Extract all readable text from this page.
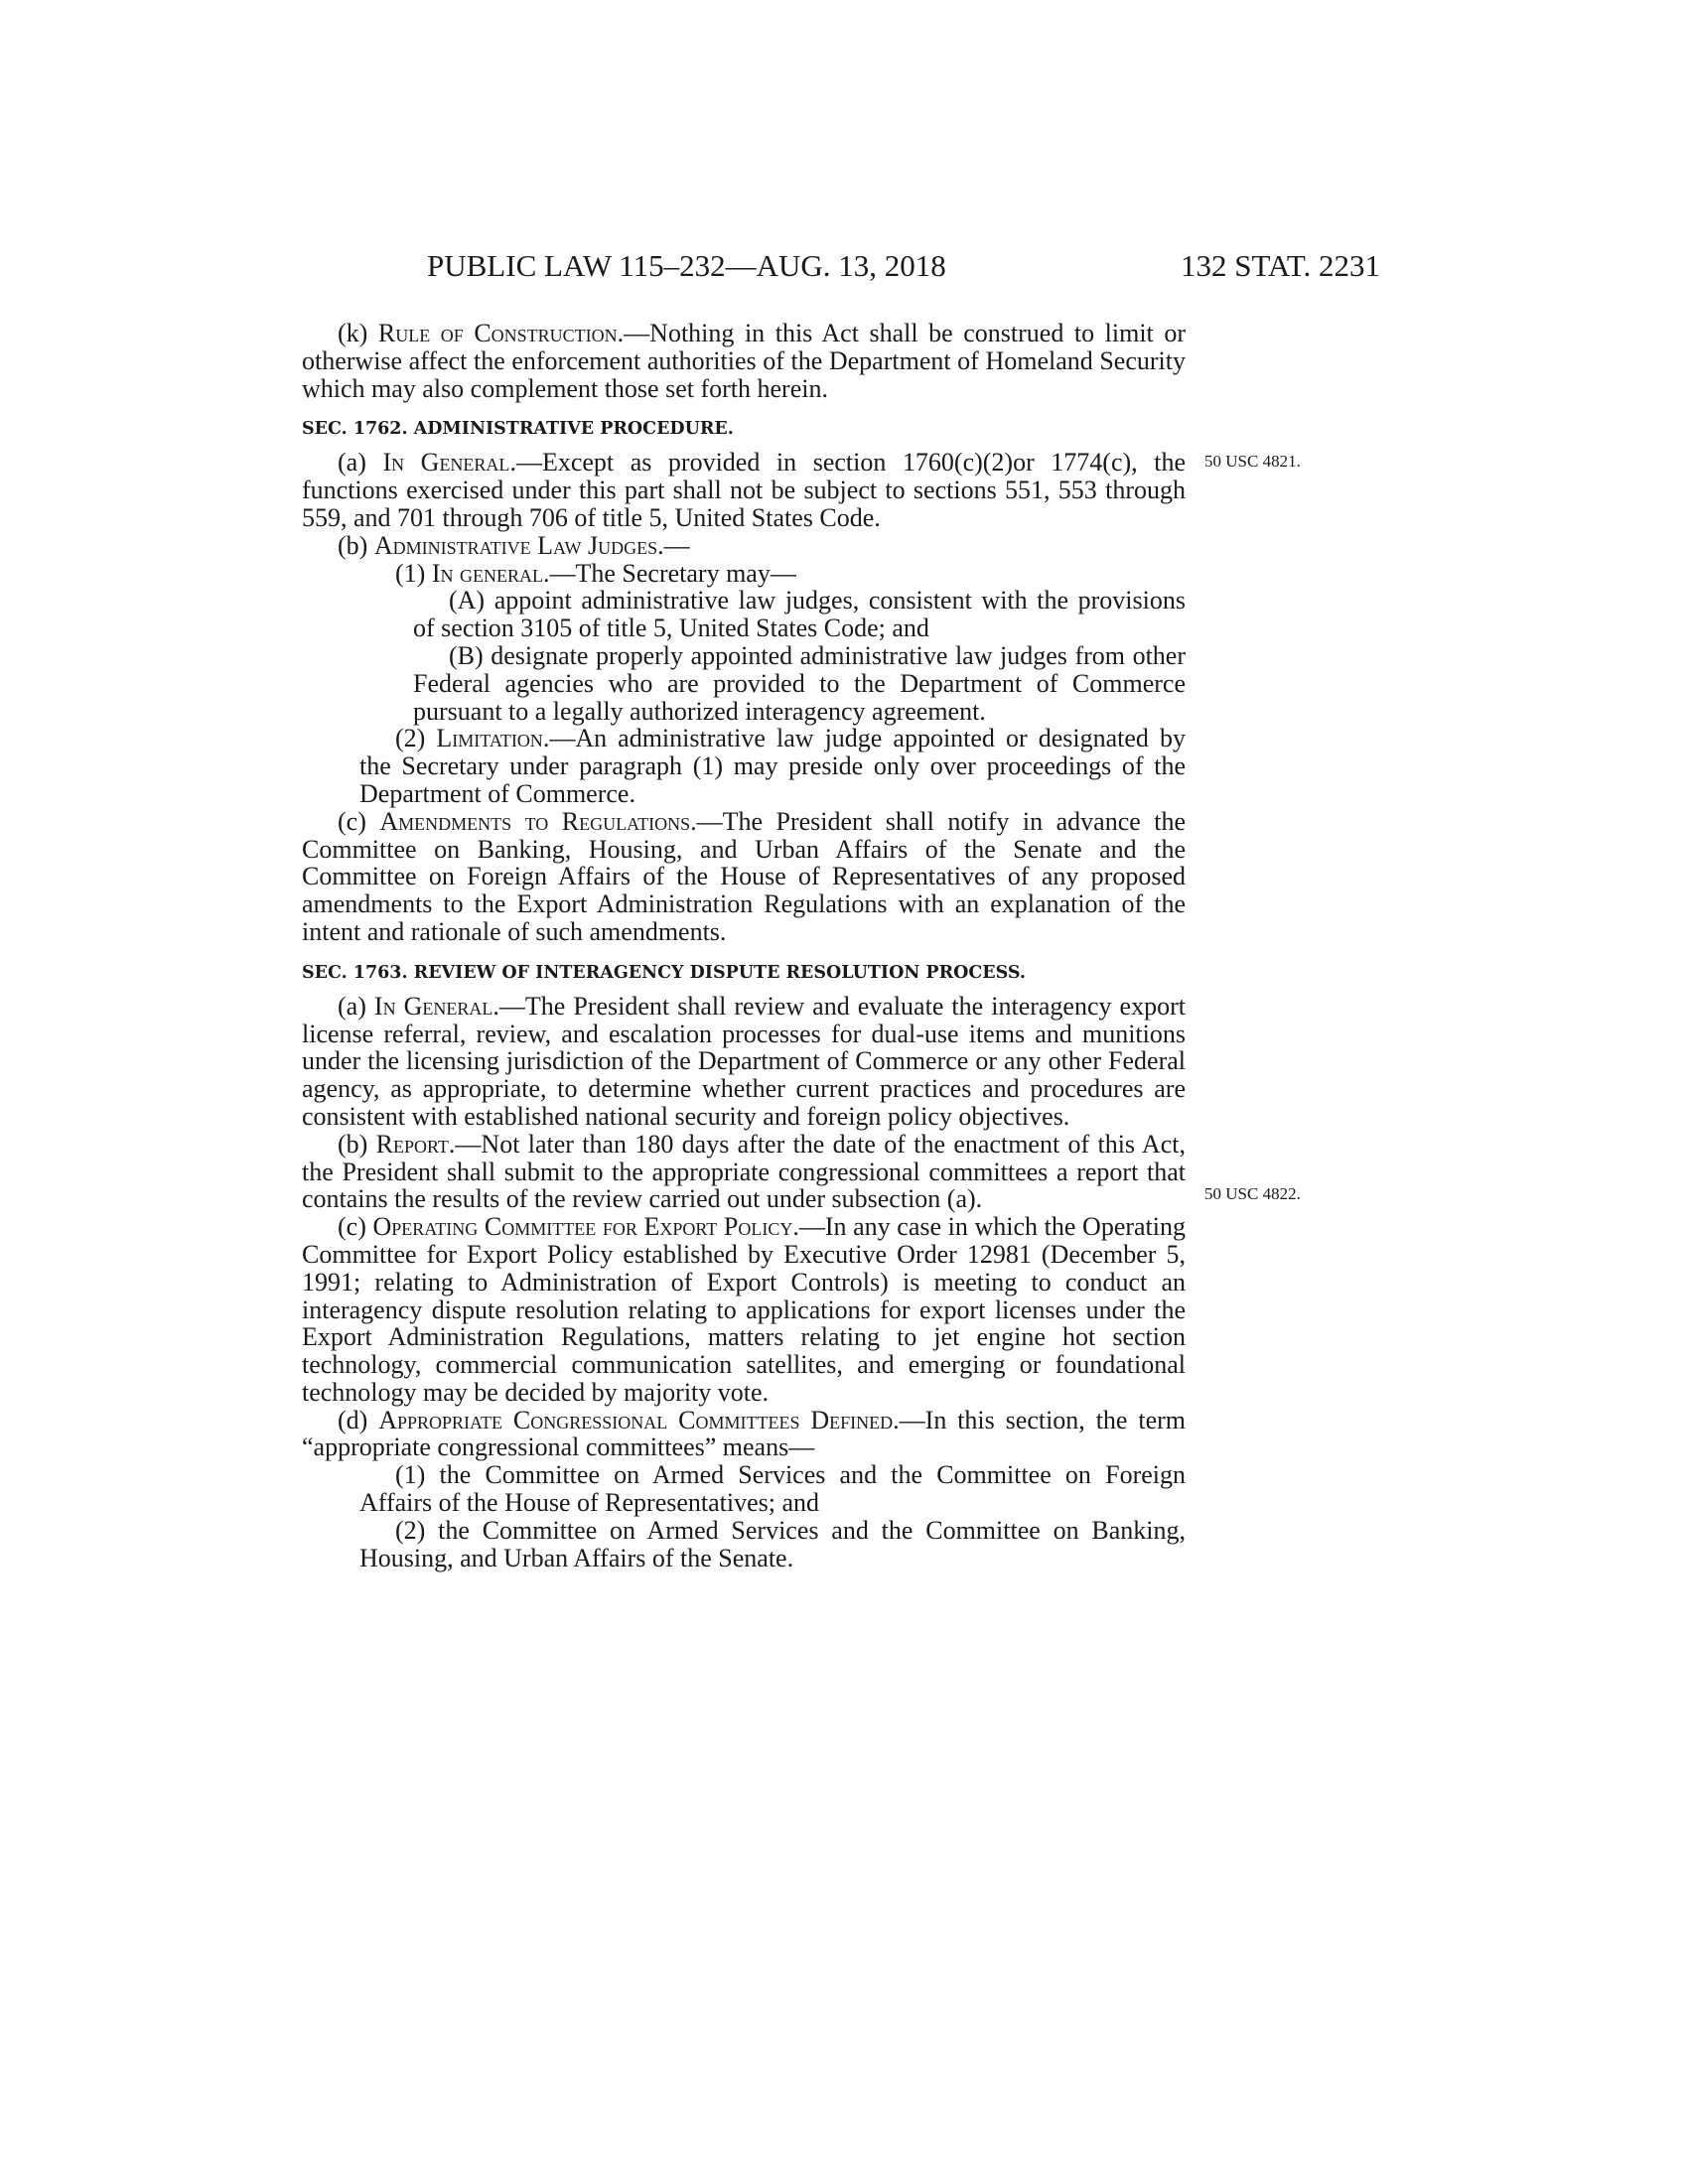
PUBLIC LAW 115–232—AUG. 13, 2018	132 STAT. 2231
50 USC 4821.
50 USC 4822.

(k) Rule of Construction.—Nothing in this Act shall be construed to limit or otherwise affect the enforcement authorities of the Department of Homeland Security which may also complement those set forth herein.

SEC. 1762. ADMINISTRATIVE PROCEDURE.

(a) In General.—Except as provided in section 1760(c)(2)or 1774(c), the functions exercised under this part shall not be subject to sections 551, 553 through 559, and 701 through 706 of title 5, United States Code.

(b) Administrative Law Judges.—

(1) In general.—The Secretary may—

(A) appoint administrative law judges, consistent with the provisions of section 3105 of title 5, United States Code; and

(B) designate properly appointed administrative law judges from other Federal agencies who are provided to the Department of Commerce pursuant to a legally authorized interagency agreement.

(2) Limitation.—An administrative law judge appointed or designated by the Secretary under paragraph (1) may preside only over proceedings of the Department of Commerce.

(c) Amendments to Regulations.—The President shall notify in advance the Committee on Banking, Housing, and Urban Affairs of the Senate and the Committee on Foreign Affairs of the House of Representatives of any proposed amendments to the Export Administration Regulations with an explanation of the intent and rationale of such amendments.

SEC. 1763. REVIEW OF INTERAGENCY DISPUTE RESOLUTION PROCESS.

(a) In General.—The President shall review and evaluate the interagency export license referral, review, and escalation processes for dual-use items and munitions under the licensing jurisdiction of the Department of Commerce or any other Federal agency, as appropriate, to determine whether current practices and procedures are consistent with established national security and foreign policy objectives.

(b) Report.—Not later than 180 days after the date of the enactment of this Act, the President shall submit to the appropriate congressional committees a report that contains the results of the review carried out under subsection (a).

(c) Operating Committee for Export Policy.—In any case in which the Operating Committee for Export Policy established by Executive Order 12981 (December 5, 1991; relating to Administration of Export Controls) is meeting to conduct an interagency dispute resolution relating to applications for export licenses under the Export Administration Regulations, matters relating to jet engine hot section technology, commercial communication satellites, and emerging or foundational technology may be decided by majority vote.

(d) Appropriate Congressional Committees Defined.—In this section, the term “appropriate congressional committees” means—

(1) the Committee on Armed Services and the Committee on Foreign Affairs of the House of Representatives; and

(2) the Committee on Armed Services and the Committee on Banking, Housing, and Urban Affairs of the Senate.
